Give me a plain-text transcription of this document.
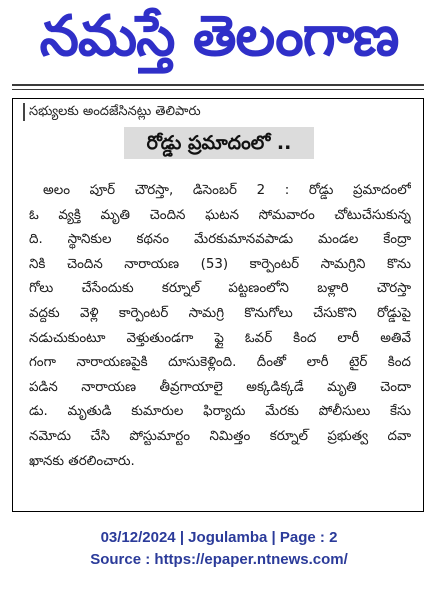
నమస్తే తెలంగాణ
సభ్యులకు అందజేసినట్లు తెలిపారు
రోడ్డు ప్రమాదంలో ..
అలం పూర్ చౌరస్తా, డిసెంబర్ 2 : రోడ్డు ప్రమాదంలో
ఓ వ్యక్తి మృతి చెందిన ఘటన సోమవారం చోటుచేసుకున్న
ది. స్థానికుల కథనం మేరకుమానవపాడు మండల కేంద్రా
నికి చెందిన నారాయణ (53) కార్పెంటర్ సామగ్రిని కొను
గోలు చేసేందుకు కర్నూల్ పట్టణంలోని బళ్లారి చౌరస్తా
వద్దకు వెళ్లి కార్పెంటర్ సామగ్రి కొనుగోలు చేసుకొని రోడ్డుపై
నడుచుకుంటూ వెళ్తుతుండగా ఫ్లై ఓవర్ కింద లారీ అతివే
గంగా నారాయణపైకి దూసుకెళ్లింది. దీంతో లారీ టైర్ కింద
పడిన నారాయణ తీవ్రగాయాలై అక్కడిక్కడే మృతి చెందా
డు. మృతుడి కుమారుల ఫిర్యాదు మేరకు పోలీసులు కేసు
నమోదు చేసి పోస్టుమార్టం నిమిత్తం కర్నూల్ ప్రభుత్వ దవా
ఖానకు తరలించారు.
03/12/2024 | Jogulamba | Page : 2
Source : https://epaper.ntnews.com/
